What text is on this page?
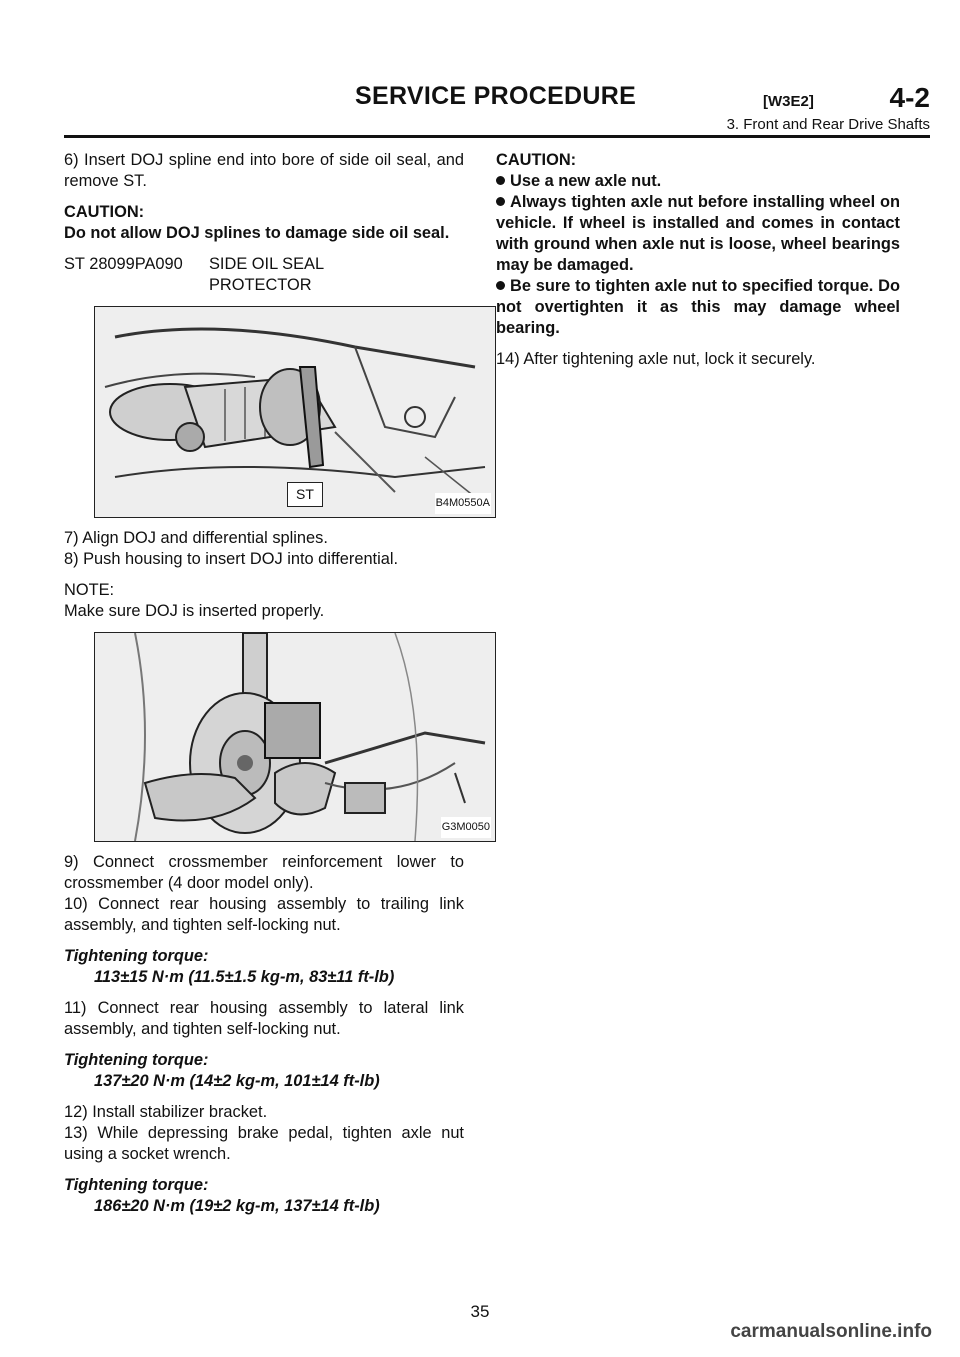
SERVICE PROCEDURE	[W3E2]	4-2
3. Front and Rear Drive Shafts

6) Insert DOJ spline end into bore of side oil seal, and remove ST.

CAUTION:

Do not allow DOJ splines to damage side oil seal.

ST 28099PA090	SIDE OIL SEAL PROTECTOR
ST
B4M0550A

7) Align DOJ and differential splines.

8) Push housing to insert DOJ into differential.

NOTE:

Make sure DOJ is inserted properly.

G3M0050

9) Connect crossmember reinforcement lower to crossmember (4 door model only).

10) Connect rear housing assembly to trailing link assembly, and tighten self-locking nut.

Tightening torque:

113±15 N·m (11.5±1.5 kg-m, 83±11 ft-lb)

11) Connect rear housing assembly to lateral link assembly, and tighten self-locking nut.

Tightening torque:

137±20 N·m (14±2 kg-m, 101±14 ft-lb)

12) Install stabilizer bracket.

13) While depressing brake pedal, tighten axle nut using a socket wrench.

Tightening torque:

186±20 N·m (19±2 kg-m, 137±14 ft-lb)

CAUTION:

Use a new axle nut.

Always tighten axle nut before installing wheel on vehicle. If wheel is installed and comes in contact with ground when axle nut is loose, wheel bearings may be damaged.

Be sure to tighten axle nut to specified torque. Do not overtighten it as this may damage wheel bearing.

14) After tightening axle nut, lock it securely.

35
carmanualsonline.info
